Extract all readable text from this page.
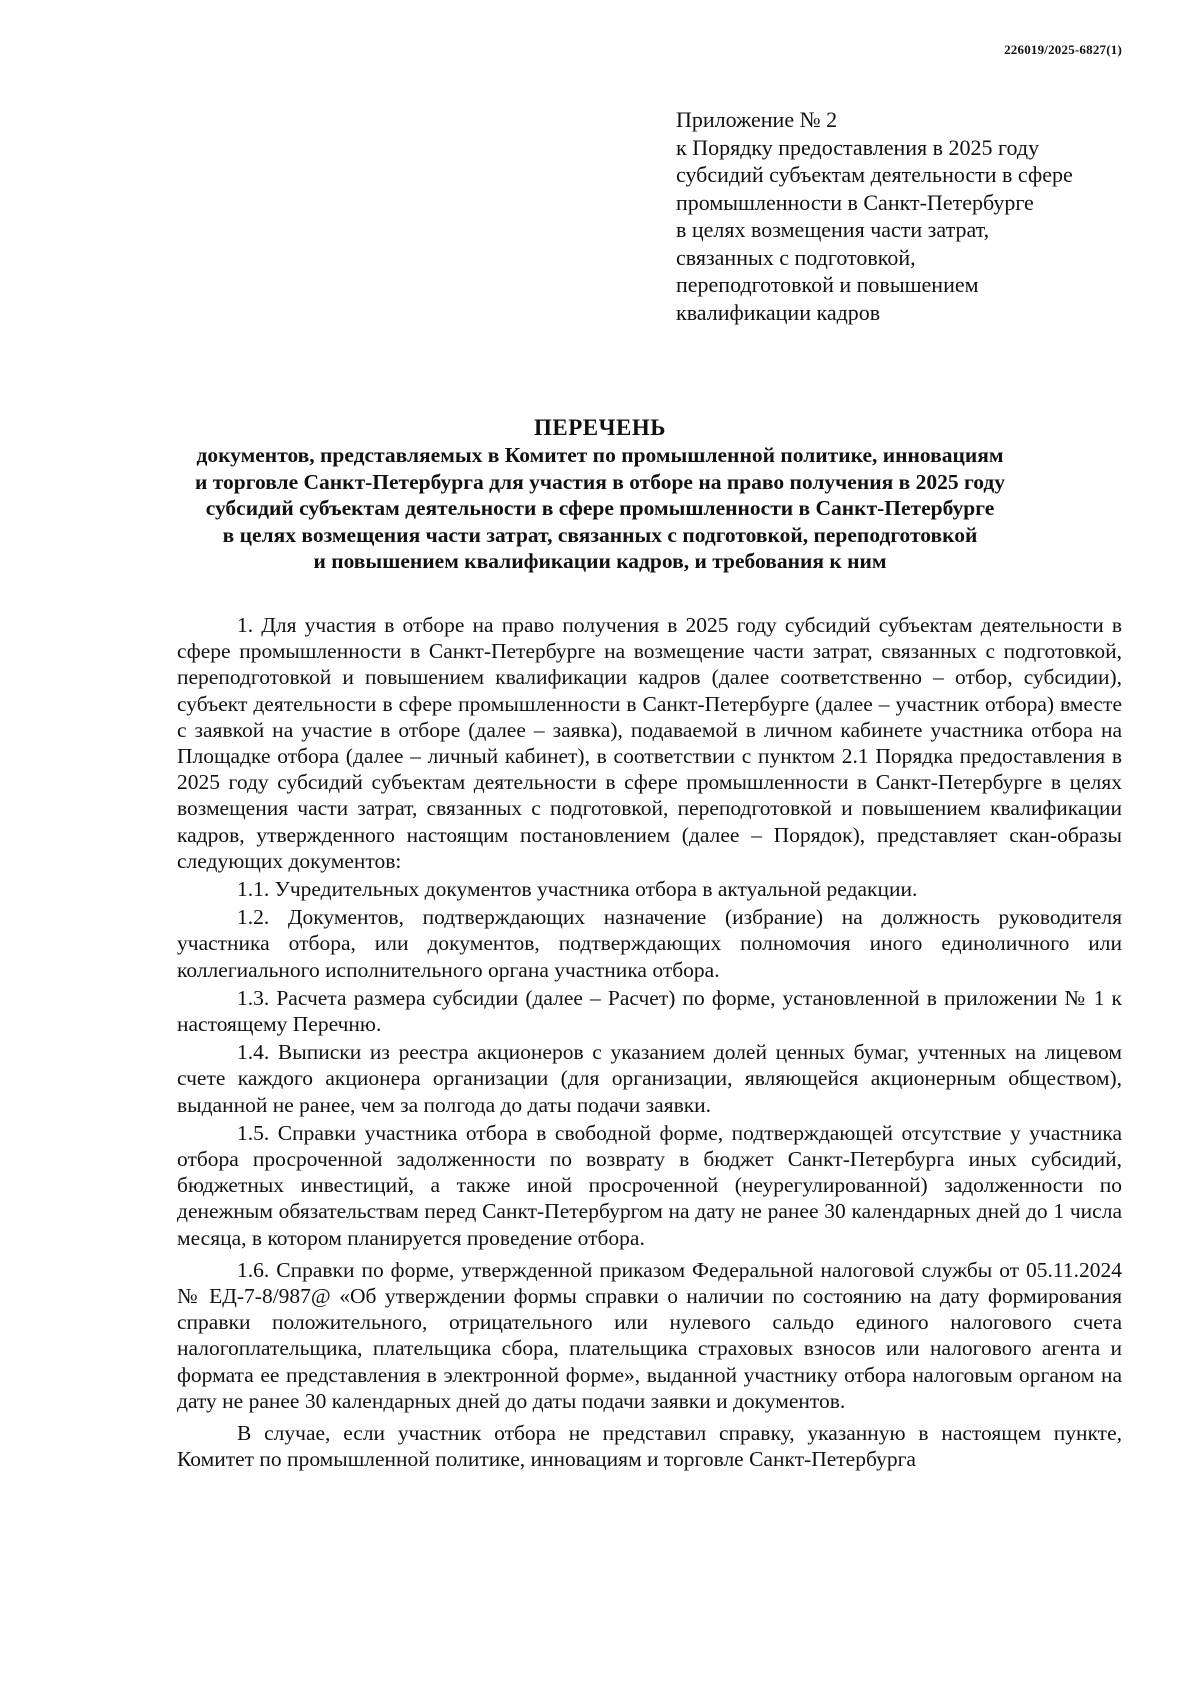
226019/2025-6827(1)
Приложение № 2
к Порядку предоставления в 2025 году
субсидий субъектам деятельности в сфере
промышленности в Санкт-Петербурге
в целях возмещения части затрат,
связанных с подготовкой,
переподготовкой и повышением
квалификации кадров
ПЕРЕЧЕНЬ
документов, представляемых в Комитет по промышленной политике, инновациям
и торговле Санкт-Петербурга для участия в отборе на право получения в 2025 году
субсидий субъектам деятельности в сфере промышленности в Санкт-Петербурге
в целях возмещения части затрат, связанных с подготовкой, переподготовкой
и повышением квалификации кадров, и требования к ним

1. Для участия в отборе на право получения в 2025 году субсидий субъектам деятельности в сфере промышленности в Санкт-Петербурге на возмещение части затрат, связанных с подготовкой, переподготовкой и повышением квалификации кадров (далее соответственно – отбор, субсидии), субъект деятельности в сфере промышленности в Санкт-Петербурге (далее – участник отбора) вместе с заявкой на участие в отборе (далее – заявка), подаваемой в личном кабинете участника отбора на Площадке отбора (далее – личный кабинет), в соответствии с пунктом 2.1 Порядка предоставления в 2025 году субсидий субъектам деятельности в сфере промышленности в Санкт-Петербурге в целях возмещения части затрат, связанных с подготовкой, переподготовкой и повышением квалификации кадров, утвержденного настоящим постановлением (далее – Порядок), представляет скан-образы следующих документов:

1.1. Учредительных документов участника отбора в актуальной редакции.

1.2. Документов, подтверждающих назначение (избрание) на должность руководителя участника отбора, или документов, подтверждающих полномочия иного единоличного или коллегиального исполнительного органа участника отбора.

1.3. Расчета размера субсидии (далее – Расчет) по форме, установленной в приложении № 1 к настоящему Перечню.

1.4. Выписки из реестра акционеров с указанием долей ценных бумаг, учтенных на лицевом счете каждого акционера организации (для организации, являющейся акционерным обществом), выданной не ранее, чем за полгода до даты подачи заявки.

1.5. Справки участника отбора в свободной форме, подтверждающей отсутствие у участника отбора просроченной задолженности по возврату в бюджет Санкт-Петербурга иных субсидий, бюджетных инвестиций, а также иной просроченной (неурегулированной) задолженности по денежным обязательствам перед Санкт-Петербургом на дату не ранее 30 календарных дней до 1 числа месяца, в котором планируется проведение отбора.

1.6. Справки по форме, утвержденной приказом Федеральной налоговой службы от 05.11.2024 № ЕД-7-8/987@ «Об утверждении формы справки о наличии по состоянию на дату формирования справки положительного, отрицательного или нулевого сальдо единого налогового счета налогоплательщика, плательщика сбора, плательщика страховых взносов или налогового агента и формата ее представления в электронной форме», выданной участнику отбора налоговым органом на дату не ранее 30 календарных дней до даты подачи заявки и документов.

В случае, если участник отбора не представил справку, указанную в настоящем пункте, Комитет по промышленной политике, инновациям и торговле Санкт-Петербурга
